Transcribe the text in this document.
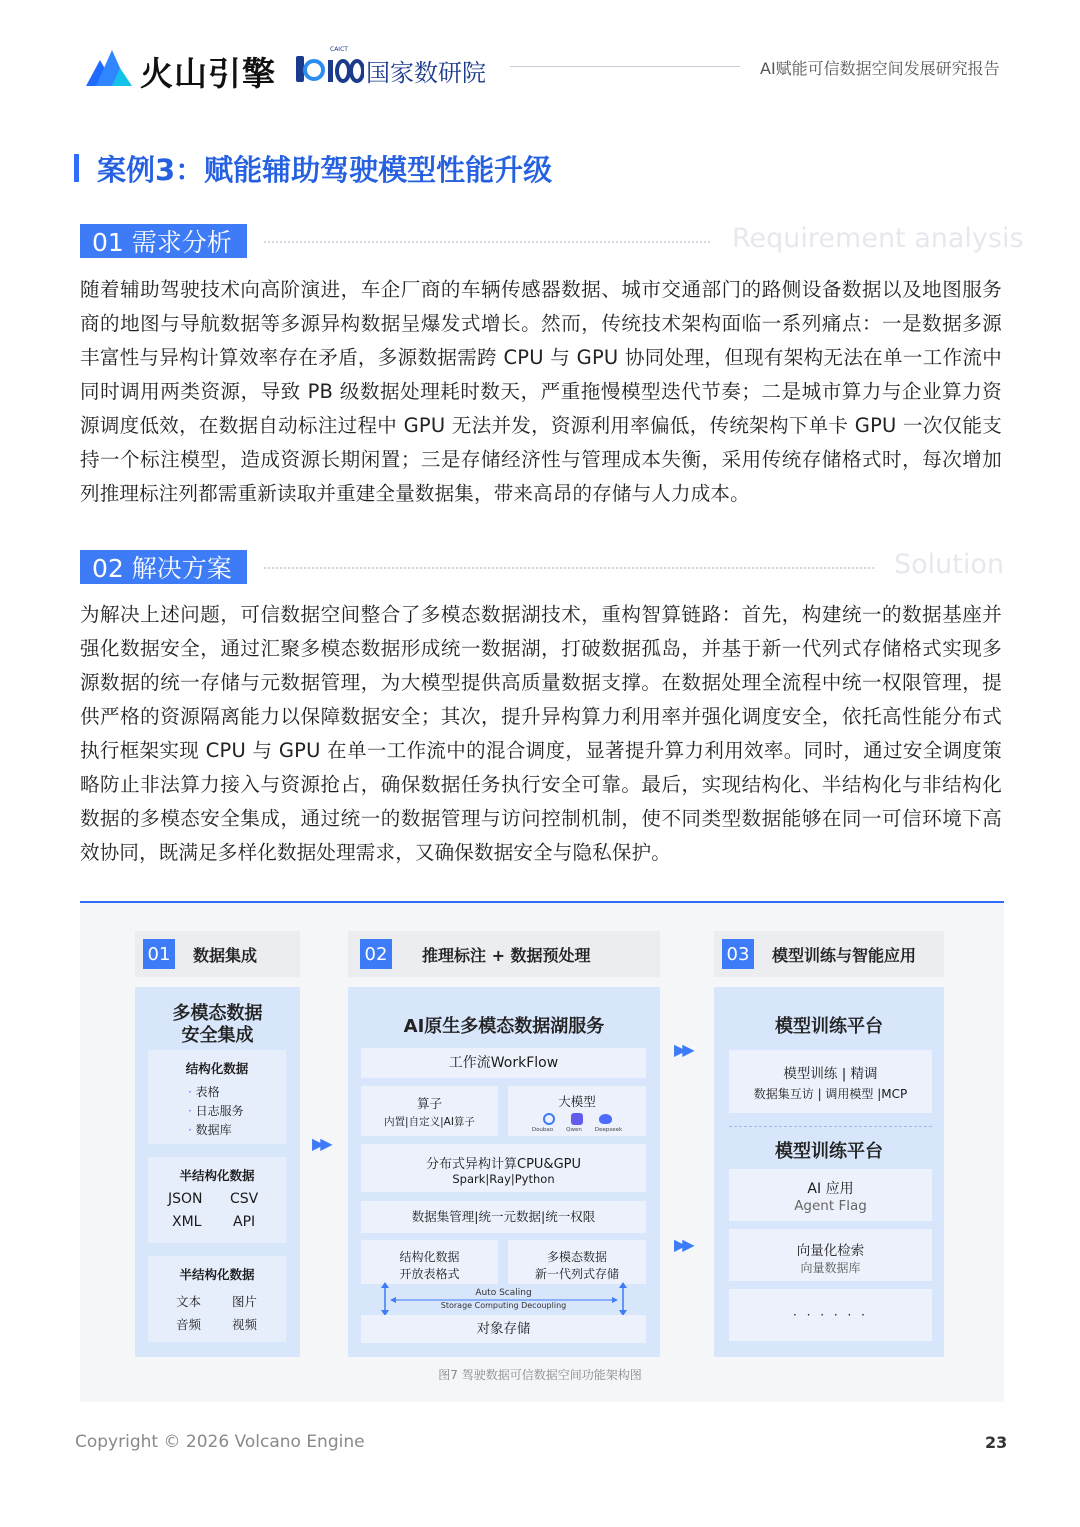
火山引擎
CAICT
国家数研院	AI赋能可信数据空间发展研究报告
案例3：赋能辅助驾驶模型性能升级
01 需求分析	Requirement analysis
随着辅助驾驶技术向高阶演进，车企厂商的车辆传感器数据、城市交通部门的路侧设备数据以及地图服务商的地图与导航数据等多源异构数据呈爆发式增长。然而，传统技术架构面临一系列痛点：一是数据多源丰富性与异构计算效率存在矛盾，多源数据需跨 CPU 与 GPU 协同处理，但现有架构无法在单一工作流中同时调用两类资源，导致 PB 级数据处理耗时数天，严重拖慢模型迭代节奏；二是城市算力与企业算力资源调度低效，在数据自动标注过程中 GPU 无法并发，资源利用率偏低，传统架构下单卡 GPU 一次仅能支持一个标注模型，造成资源长期闲置；三是存储经济性与管理成本失衡，采用传统存储格式时，每次增加列推理标注列都需重新读取并重建全量数据集，带来高昂的存储与人力成本。
02 解决方案	Solution
为解决上述问题，可信数据空间整合了多模态数据湖技术，重构智算链路：首先，构建统一的数据基座并强化数据安全，通过汇聚多模态数据形成统一数据湖，打破数据孤岛，并基于新一代列式存储格式实现多源数据的统一存储与元数据管理，为大模型提供高质量数据支撑。在数据处理全流程中统一权限管理，提供严格的资源隔离能力以保障数据安全；其次，提升异构算力利用率并强化调度安全，依托高性能分布式执行框架实现 CPU 与 GPU 在单一工作流中的混合调度，显著提升算力利用效率。同时，通过安全调度策略防止非法算力接入与资源抢占，确保数据任务执行安全可靠。最后，实现结构化、半结构化与非结构化数据的多模态安全集成，通过统一的数据管理与访问控制机制，使不同类型数据能够在同一可信环境下高效协同，既满足多样化数据处理需求，又确保数据安全与隐私保护。
01 数据集成
多模态数据
安全集成
结构化数据
· 表格
· 日志服务
· 数据库
半结构化数据
JSON CSV
XML API
半结构化数据
文本 图片
音频 视频
▶▶
02 推理标注 + 数据预处理
AI原生多模态数据湖服务
工作流WorkFlow
算子
内置|自定义|AI算子
大模型
Doubao Qwen Deepseek
分布式异构计算CPU&GPU
Spark|Ray|Python
数据集管理|统一元数据|统一权限
结构化数据
开放表格式
多模态数据
新一代列式存储
Auto Scaling
Storage Computing Decoupling
对象存储
▶▶
▶▶
03 模型训练与智能应用
模型训练平台
模型训练 | 精调
数据集互访 | 调用模型 |MCP
模型训练平台
AI 应用
Agent Flag
向量化检索
向量数据库
· · · · · ·
图7 驾驶数据可信数据空间功能架构图
Copyright © 2026 Volcano Engine	23
